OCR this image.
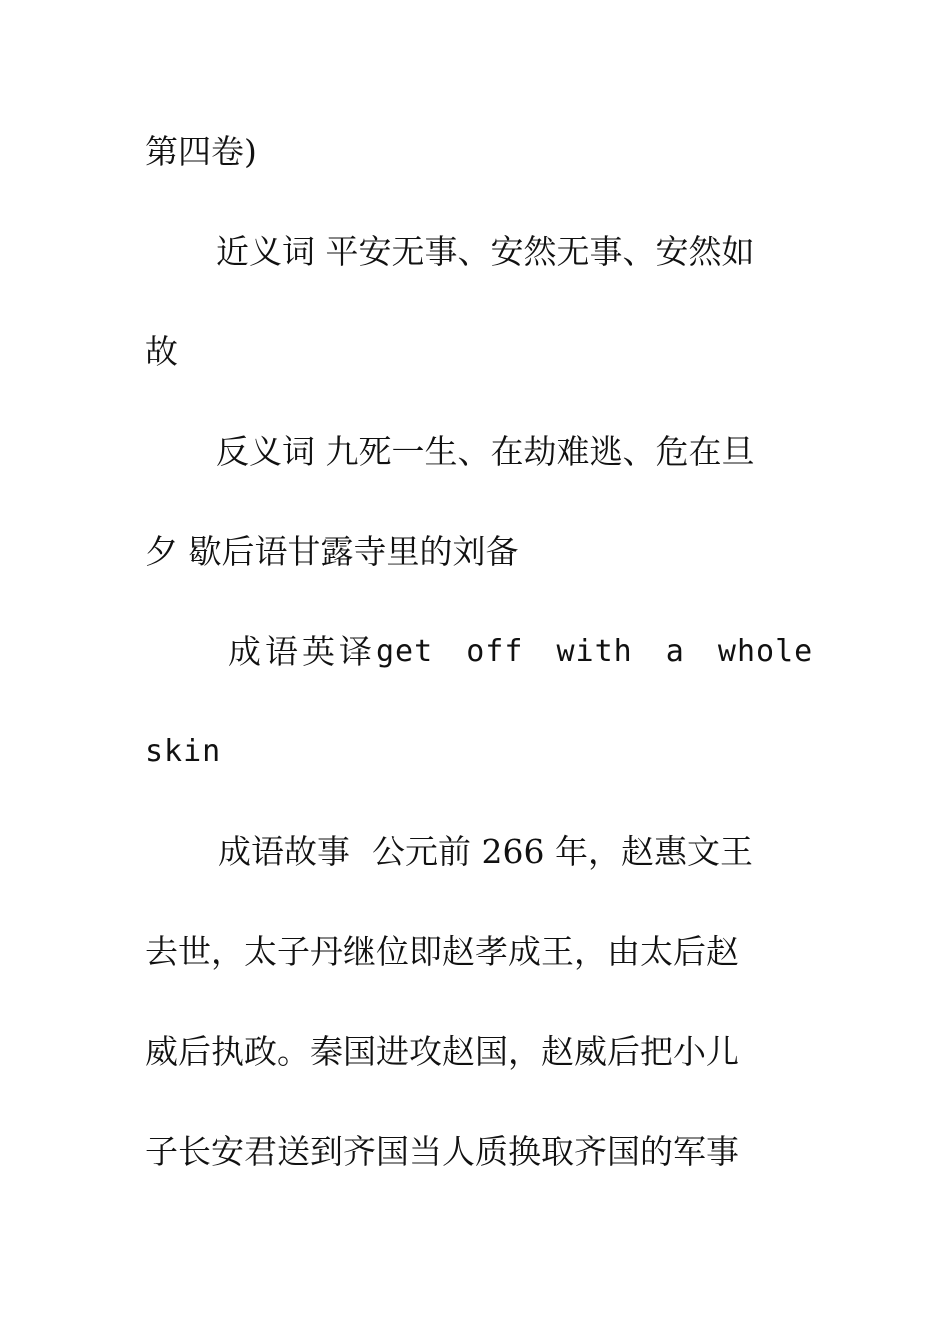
第四卷)
近义词 平安无事、安然无事、安然如
故
反义词 九死一生、在劫难逃、危在旦
夕 歇后语甘露寺里的刘备
成语英译 get off with a whole
skin
成语故事 公元前 266 年，赵惠文王
去世，太子丹继位即赵孝成王，由太后赵
威后执政。秦国进攻赵国，赵威后把小儿
子长安君送到齐国当人质换取齐国的军事
